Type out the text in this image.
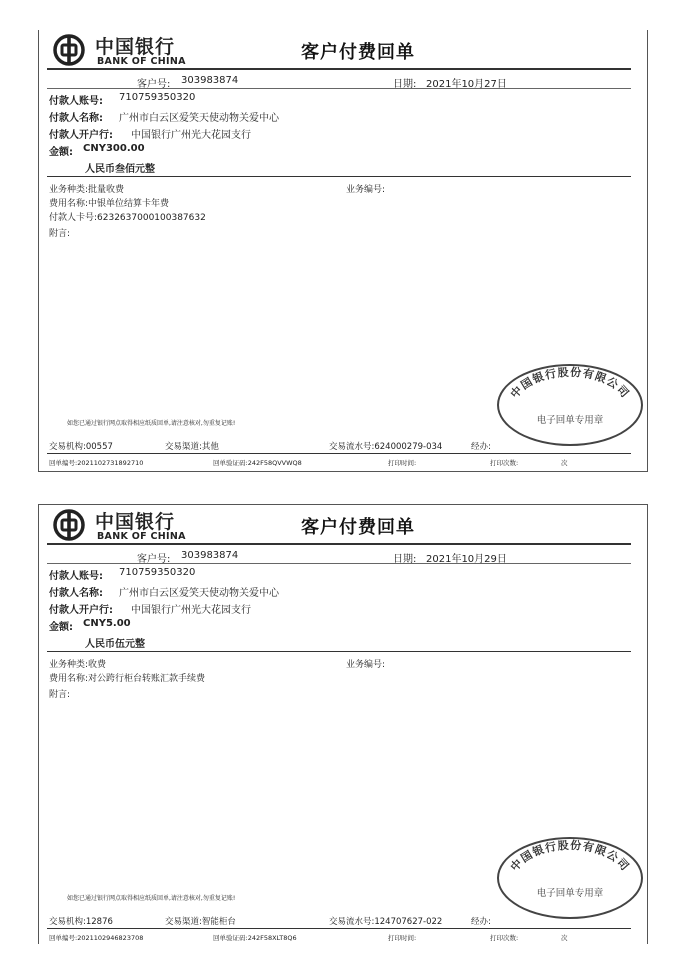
中国银行
BANK OF CHINA	客户付费回单
客户号: 303983874	日期: 2021年10月27日
付款人账号: 710759350320
付款人名称: 广州市白云区爱笑天使动物关爱中心
付款人开户行: 中国银行广州光大花园支行
金额: CNY300.00
人民币叁佰元整
业务种类:批量收费	业务编号:
费用名称:中银单位结算卡年费
付款人卡号:6232637000100387632
附言:
如您已通过银行网点取得相应纸质回单,请注意核对,勿重复记账!
中国银行股份有限公司
电子回单专用章
交易机构:00557	交易渠道:其他	交易流水号:624000279-034	经办:
回单编号:2021102731892710	回单验证码:242F58QVVWQ8	打印时间:	打印次数:	次
中国银行
BANK OF CHINA	客户付费回单
客户号: 303983874	日期: 2021年10月29日
付款人账号: 710759350320
付款人名称: 广州市白云区爱笑天使动物关爱中心
付款人开户行: 中国银行广州光大花园支行
金额: CNY5.00
人民币伍元整
业务种类:收费	业务编号:
费用名称:对公跨行柜台转账汇款手续费
附言:
如您已通过银行网点取得相应纸质回单,请注意核对,勿重复记账!
中国银行股份有限公司
电子回单专用章
交易机构:12876	交易渠道:智能柜台	交易流水号:124707627-022	经办:
回单编号:2021102946823708	回单验证码:242F58XLT8Q6	打印时间:	打印次数:	次
